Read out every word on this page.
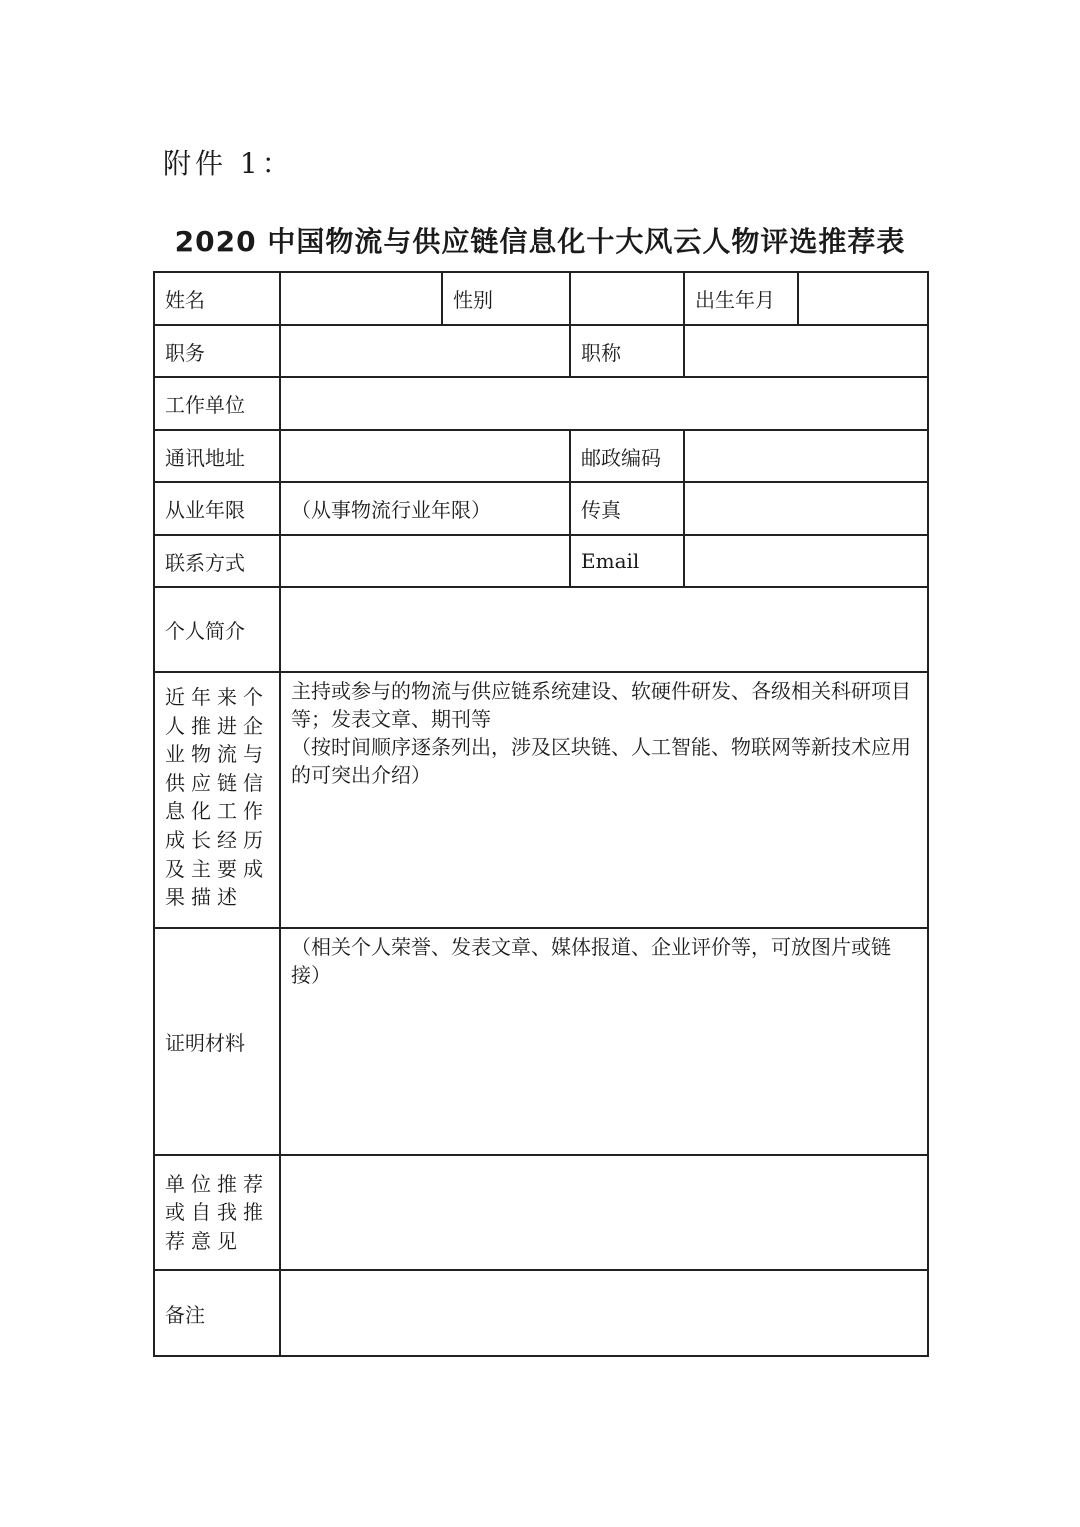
附件 1：
2020 中国物流与供应链信息化十大风云人物评选推荐表
姓名		性别		出生年月	
职务			职称		
工作单位					
通讯地址			邮政编码		
从业年限	（从事物流行业年限）		传真		
联系方式			Email		
个人简介					
近年来个人推进企业物流与供应链信息化工作成长经历及主要成果描述	主持或参与的物流与供应链系统建设、软硬件研发、各级相关科研项目等；发表文章、期刊等
（按时间顺序逐条列出，涉及区块链、人工智能、物联网等新技术应用的可突出介绍）				

证明材料	（相关个人荣誉、发表文章、媒体报道、企业评价等，可放图片或链接）				

单位推荐或自我推荐意见					
备注					
